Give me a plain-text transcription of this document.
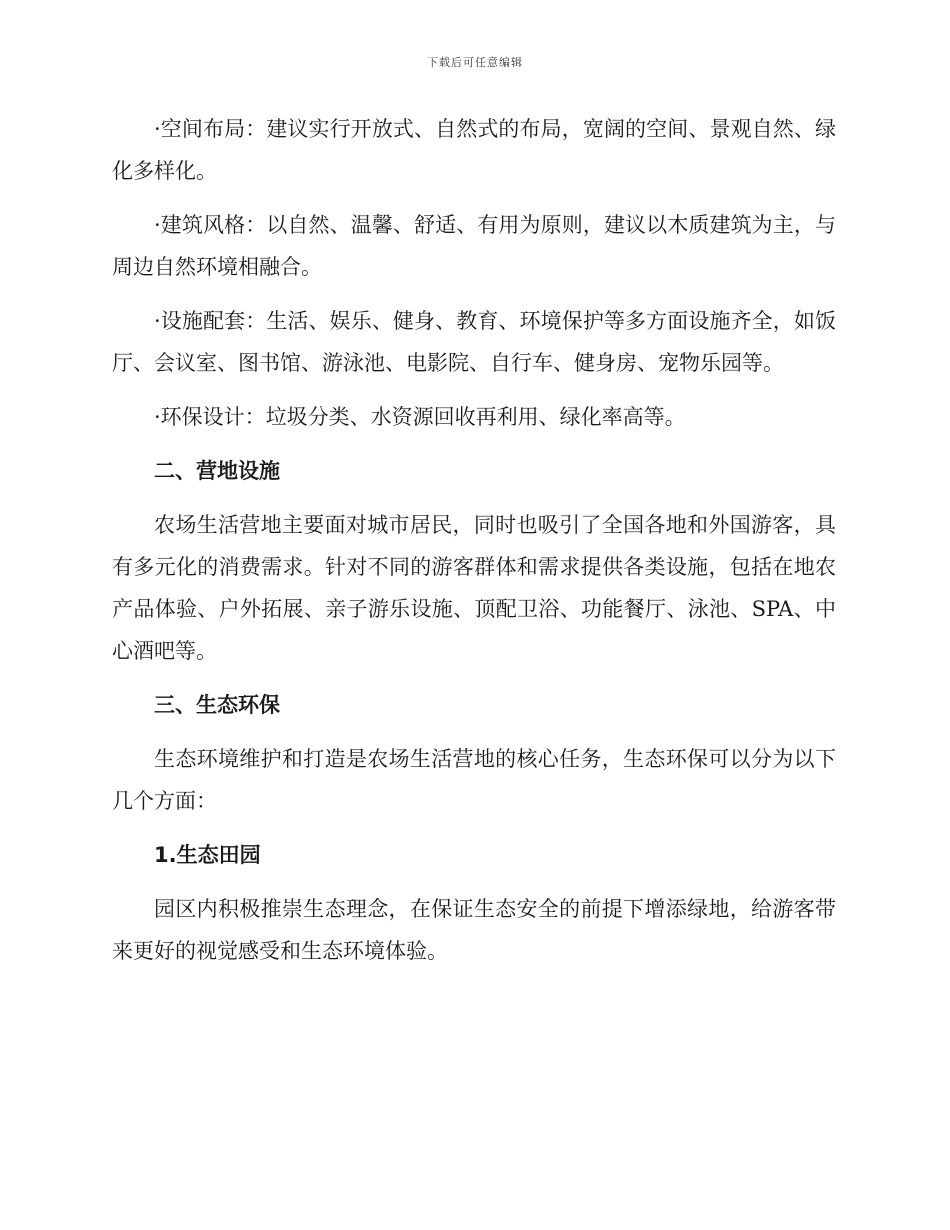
下载后可任意编辑

·空间布局：建议实行开放式、自然式的布局，宽阔的空间、景观自然、绿化多样化。

·建筑风格：以自然、温馨、舒适、有用为原则，建议以木质建筑为主，与周边自然环境相融合。

·设施配套：生活、娱乐、健身、教育、环境保护等多方面设施齐全，如饭厅、会议室、图书馆、游泳池、电影院、自行车、健身房、宠物乐园等。

·环保设计：垃圾分类、水资源回收再利用、绿化率高等。

二、营地设施

农场生活营地主要面对城市居民，同时也吸引了全国各地和外国游客，具有多元化的消费需求。针对不同的游客群体和需求提供各类设施，包括在地农产品体验、户外拓展、亲子游乐设施、顶配卫浴、功能餐厅、泳池、SPA、中心酒吧等。

三、生态环保

生态环境维护和打造是农场生活营地的核心任务，生态环保可以分为以下几个方面：

1.生态田园

园区内积极推崇生态理念，在保证生态安全的前提下增添绿地，给游客带来更好的视觉感受和生态环境体验。
